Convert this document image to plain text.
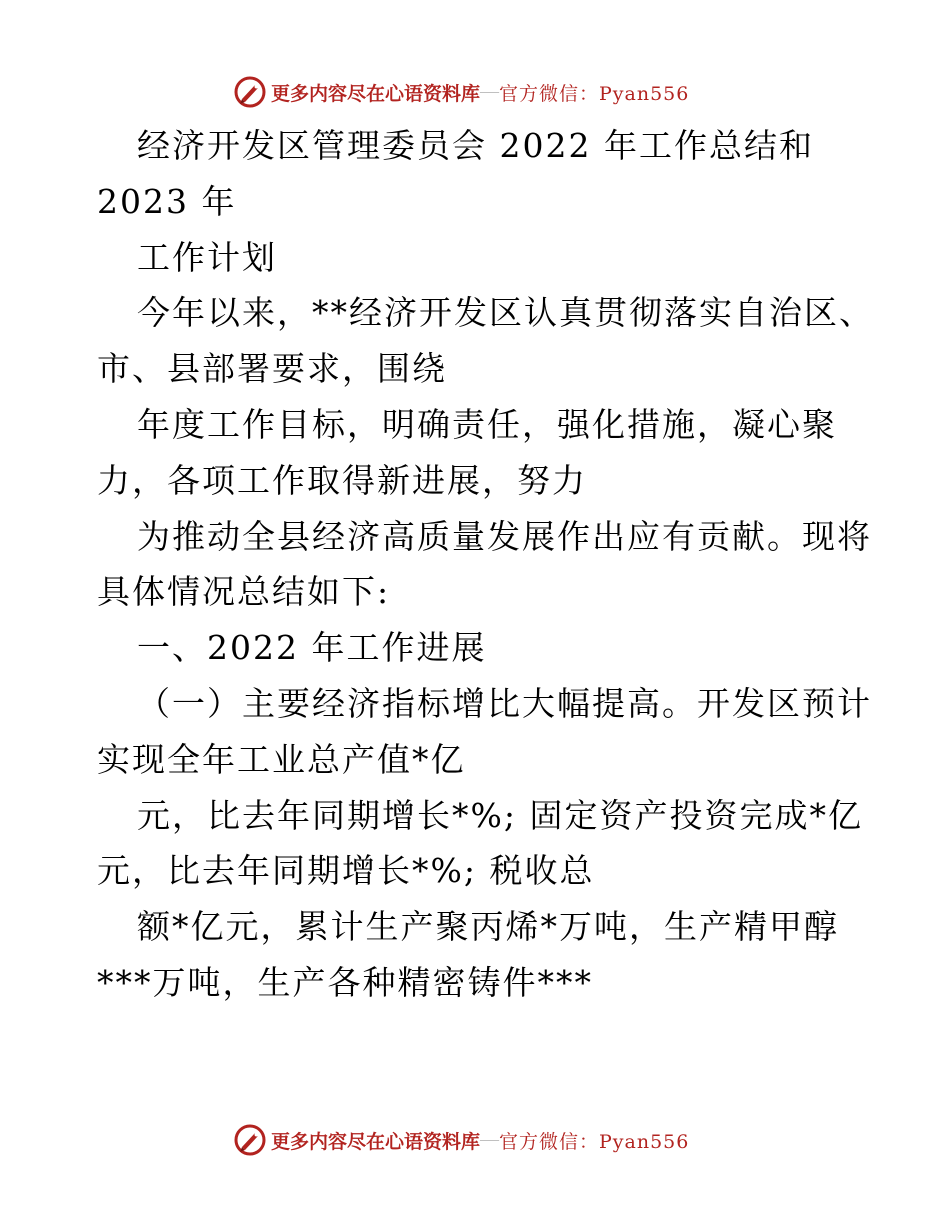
更多内容尽在心语资料库 — 官方微信：Pyan556
经济开发区管理委员会 2022 年工作总结和
2023 年
工作计划
今年以来，**经济开发区认真贯彻落实自治区、
市、县部署要求，围绕
年度工作目标，明确责任，强化措施，凝心聚
力，各项工作取得新进展，努力
为推动全县经济高质量发展作出应有贡献。现将
具体情况总结如下:
一、2022 年工作进展
（一）主要经济指标增比大幅提高。开发区预计
实现全年工业总产值*亿
元，比去年同期增长*%; 固定资产投资完成*亿
元，比去年同期增长*%; 税收总
额*亿元，累计生产聚丙烯*万吨，生产精甲醇
***万吨，生产各种精密铸件***
更多内容尽在心语资料库 — 官方微信：Pyan556
